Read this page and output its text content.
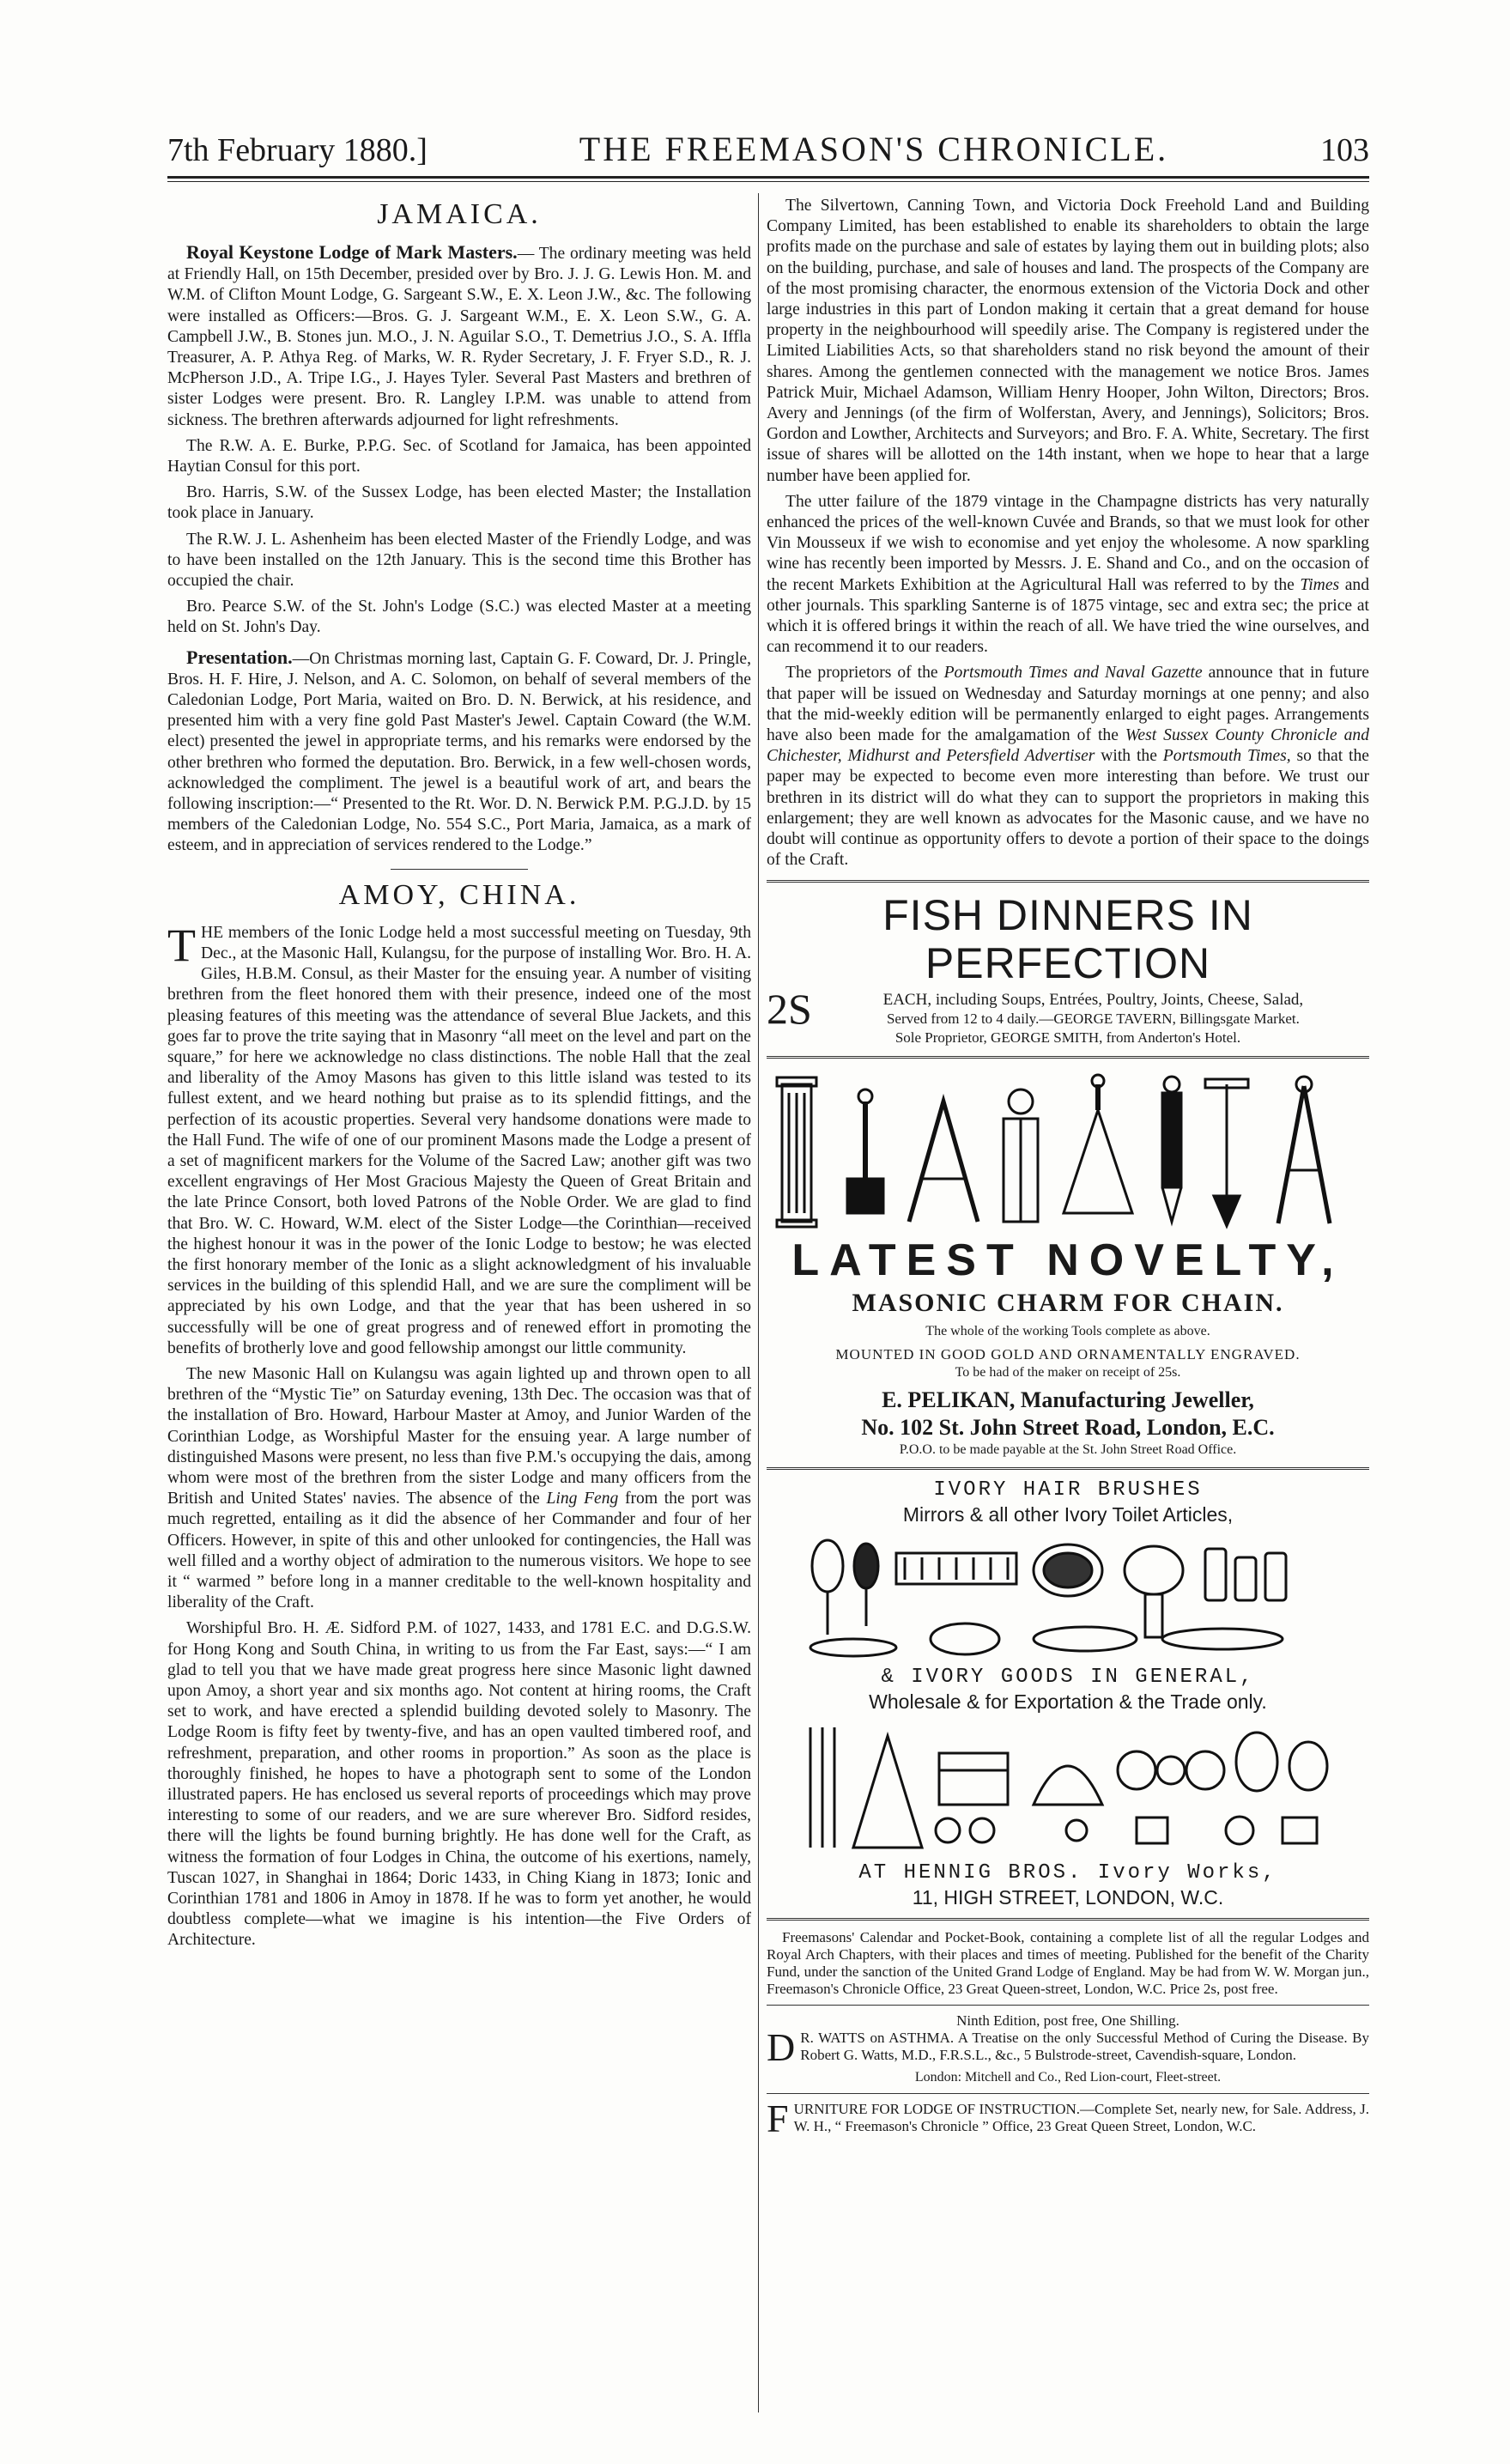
7th February 1880.]	THE FREEMASON'S CHRONICLE.	103
JAMAICA.

Royal Keystone Lodge of Mark Masters.— The ordinary meeting was held at Friendly Hall, on 15th December, presided over by Bro. J. J. G. Lewis Hon. M. and W.M. of Clifton Mount Lodge, G. Sargeant S.W., E. X. Leon J.W., &c. The following were installed as Officers:—Bros. G. J. Sargeant W.M., E. X. Leon S.W., G. A. Campbell J.W., B. Stones jun. M.O., J. N. Aguilar S.O., T. Demetrius J.O., S. A. Iffla Treasurer, A. P. Athya Reg. of Marks, W. R. Ryder Secretary, J. F. Fryer S.D., R. J. McPherson J.D., A. Tripe I.G., J. Hayes Tyler. Several Past Masters and brethren of sister Lodges were present. Bro. R. Langley I.P.M. was unable to attend from sickness. The brethren afterwards adjourned for light refreshments.

The R.W. A. E. Burke, P.P.G. Sec. of Scotland for Jamaica, has been appointed Haytian Consul for this port.

Bro. Harris, S.W. of the Sussex Lodge, has been elected Master; the Installation took place in January.

The R.W. J. L. Ashenheim has been elected Master of the Friendly Lodge, and was to have been installed on the 12th January. This is the second time this Brother has occupied the chair.

Bro. Pearce S.W. of the St. John's Lodge (S.C.) was elected Master at a meeting held on St. John's Day.

Presentation.—On Christmas morning last, Captain G. F. Coward, Dr. J. Pringle, Bros. H. F. Hire, J. Nelson, and A. C. Solomon, on behalf of several members of the Caledonian Lodge, Port Maria, waited on Bro. D. N. Berwick, at his residence, and presented him with a very fine gold Past Master's Jewel. Captain Coward (the W.M. elect) presented the jewel in appropriate terms, and his remarks were endorsed by the other brethren who formed the deputation. Bro. Berwick, in a few well-chosen words, acknowledged the compliment. The jewel is a beautiful work of art, and bears the following inscription:—“ Presented to the Rt. Wor. D. N. Berwick P.M. P.G.J.D. by 15 members of the Caledonian Lodge, No. 554 S.C., Port Maria, Jamaica, as a mark of esteem, and in appreciation of services rendered to the Lodge.”

AMOY, CHINA.

THE members of the Ionic Lodge held a most successful meeting on Tuesday, 9th Dec., at the Masonic Hall, Kulangsu, for the purpose of installing Wor. Bro. H. A. Giles, H.B.M. Consul, as their Master for the ensuing year. A number of visiting brethren from the fleet honored them with their presence, indeed one of the most pleasing features of this meeting was the attendance of several Blue Jackets, and this goes far to prove the trite saying that in Masonry “all meet on the level and part on the square,” for here we acknowledge no class distinctions. The noble Hall that the zeal and liberality of the Amoy Masons has given to this little island was tested to its fullest extent, and we heard nothing but praise as to its splendid fittings, and the perfection of its acoustic properties. Several very handsome donations were made to the Hall Fund. The wife of one of our prominent Masons made the Lodge a present of a set of magnificent markers for the Volume of the Sacred Law; another gift was two excellent engravings of Her Most Gracious Majesty the Queen of Great Britain and the late Prince Consort, both loved Patrons of the Noble Order. We are glad to find that Bro. W. C. Howard, W.M. elect of the Sister Lodge—the Corinthian—received the highest honour it was in the power of the Ionic Lodge to bestow; he was elected the first honorary member of the Ionic as a slight acknowledgment of his invaluable services in the building of this splendid Hall, and we are sure the compliment will be appreciated by his own Lodge, and that the year that has been ushered in so successfully will be one of great progress and of renewed effort in promoting the benefits of brotherly love and good fellowship amongst our little community.

The new Masonic Hall on Kulangsu was again lighted up and thrown open to all brethren of the “Mystic Tie” on Saturday evening, 13th Dec. The occasion was that of the installation of Bro. Howard, Harbour Master at Amoy, and Junior Warden of the Corinthian Lodge, as Worshipful Master for the ensuing year. A large number of distinguished Masons were present, no less than five P.M.'s occupying the dais, among whom were most of the brethren from the sister Lodge and many officers from the British and United States' navies. The absence of the Ling Feng from the port was much regretted, entailing as it did the absence of her Commander and four of her Officers. However, in spite of this and other unlooked for contingencies, the Hall was well filled and a worthy object of admiration to the numerous visitors. We hope to see it “ warmed ” before long in a manner creditable to the well-known hospitality and liberality of the Craft.

Worshipful Bro. H. Æ. Sidford P.M. of 1027, 1433, and 1781 E.C. and D.G.S.W. for Hong Kong and South China, in writing to us from the Far East, says:—“ I am glad to tell you that we have made great progress here since Masonic light dawned upon Amoy, a short year and six months ago. Not content at hiring rooms, the Craft set to work, and have erected a splendid building devoted solely to Masonry. The Lodge Room is fifty feet by twenty-five, and has an open vaulted timbered roof, and refreshment, preparation, and other rooms in proportion.” As soon as the place is thoroughly finished, he hopes to have a photograph sent to some of the London illustrated papers. He has enclosed us several reports of proceedings which may prove interesting to some of our readers, and we are sure wherever Bro. Sidford resides, there will the lights be found burning brightly. He has done well for the Craft, as witness the formation of four Lodges in China, the outcome of his exertions, namely, Tuscan 1027, in Shanghai in 1864; Doric 1433, in Ching Kiang in 1873; Ionic and Corinthian 1781 and 1806 in Amoy in 1878. If he was to form yet another, he would doubtless complete—what we imagine is his intention—the Five Orders of Architecture.

The Silvertown, Canning Town, and Victoria Dock Freehold Land and Building Company Limited, has been established to enable its shareholders to obtain the large profits made on the purchase and sale of estates by laying them out in building plots; also on the building, purchase, and sale of houses and land. The prospects of the Company are of the most promising character, the enormous extension of the Victoria Dock and other large industries in this part of London making it certain that a great demand for house property in the neighbourhood will speedily arise. The Company is registered under the Limited Liabilities Acts, so that shareholders stand no risk beyond the amount of their shares. Among the gentlemen connected with the management we notice Bros. James Patrick Muir, Michael Adamson, William Henry Hooper, John Wilton, Directors; Bros. Avery and Jennings (of the firm of Wolferstan, Avery, and Jennings), Solicitors; Bros. Gordon and Lowther, Architects and Surveyors; and Bro. F. A. White, Secretary. The first issue of shares will be allotted on the 14th instant, when we hope to hear that a large number have been applied for.

The utter failure of the 1879 vintage in the Champagne districts has very naturally enhanced the prices of the well-known Cuvée and Brands, so that we must look for other Vin Mousseux if we wish to economise and yet enjoy the wholesome. A now sparkling wine has recently been imported by Messrs. J. E. Shand and Co., and on the occasion of the recent Markets Exhibition at the Agricultural Hall was referred to by the Times and other journals. This sparkling Santerne is of 1875 vintage, sec and extra sec; the price at which it is offered brings it within the reach of all. We have tried the wine ourselves, and can recommend it to our readers.

The proprietors of the Portsmouth Times and Naval Gazette announce that in future that paper will be issued on Wednesday and Saturday mornings at one penny; and also that the mid-weekly edition will be permanently enlarged to eight pages. Arrangements have also been made for the amalgamation of the West Sussex County Chronicle and Chichester, Midhurst and Petersfield Advertiser with the Portsmouth Times, so that the paper may be expected to become even more interesting than before. We trust our brethren in its district will do what they can to support the proprietors in making this enlargement; they are well known as advocates for the Masonic cause, and we have no doubt will continue as opportunity offers to devote a portion of their space to the doings of the Craft.

FISH DINNERS IN PERFECTION
2S	EACH, including Soups, Entrées, Poultry, Joints, Cheese, Salad,
Served from 12 to 4 daily.—GEORGE TAVERN, Billingsgate Market.
Sole Proprietor, GEORGE SMITH, from Anderton's Hotel.
LATEST NOVELTY,
MASONIC CHARM FOR CHAIN.
The whole of the working Tools complete as above.
MOUNTED IN GOOD GOLD AND ORNAMENTALLY ENGRAVED.
To be had of the maker on receipt of 25s.
E. PELIKAN, Manufacturing Jeweller,
No. 102 St. John Street Road, London, E.C.
P.O.O. to be made payable at the St. John Street Road Office.
IVORY HAIR BRUSHES
Mirrors & all other Ivory Toilet Articles,
& IVORY GOODS IN GENERAL,
Wholesale & for Exportation & the Trade only.
AT HENNIG BROS. Ivory Works,
11, HIGH STREET, LONDON, W.C.

Freemasons' Calendar and Pocket-Book, containing a complete list of all the regular Lodges and Royal Arch Chapters, with their places and times of meeting. Published for the benefit of the Charity Fund, under the sanction of the United Grand Lodge of England. May be had from W. W. Morgan jun., Freemason's Chronicle Office, 23 Great Queen-street, London, W.C. Price 2s, post free.

Ninth Edition, post free, One Shilling.

D R. WATTS on ASTHMA. A Treatise on the only Successful Method of Curing the Disease. By Robert G. Watts, M.D., F.R.S.L., &c., 5 Bulstrode-street, Cavendish-square, London.

London: Mitchell and Co., Red Lion-court, Fleet-street.

FURNITURE FOR LODGE OF INSTRUCTION.—Complete Set, nearly new, for Sale. Address, J. W. H., “ Freemason's Chronicle ” Office, 23 Great Queen Street, London, W.C.
